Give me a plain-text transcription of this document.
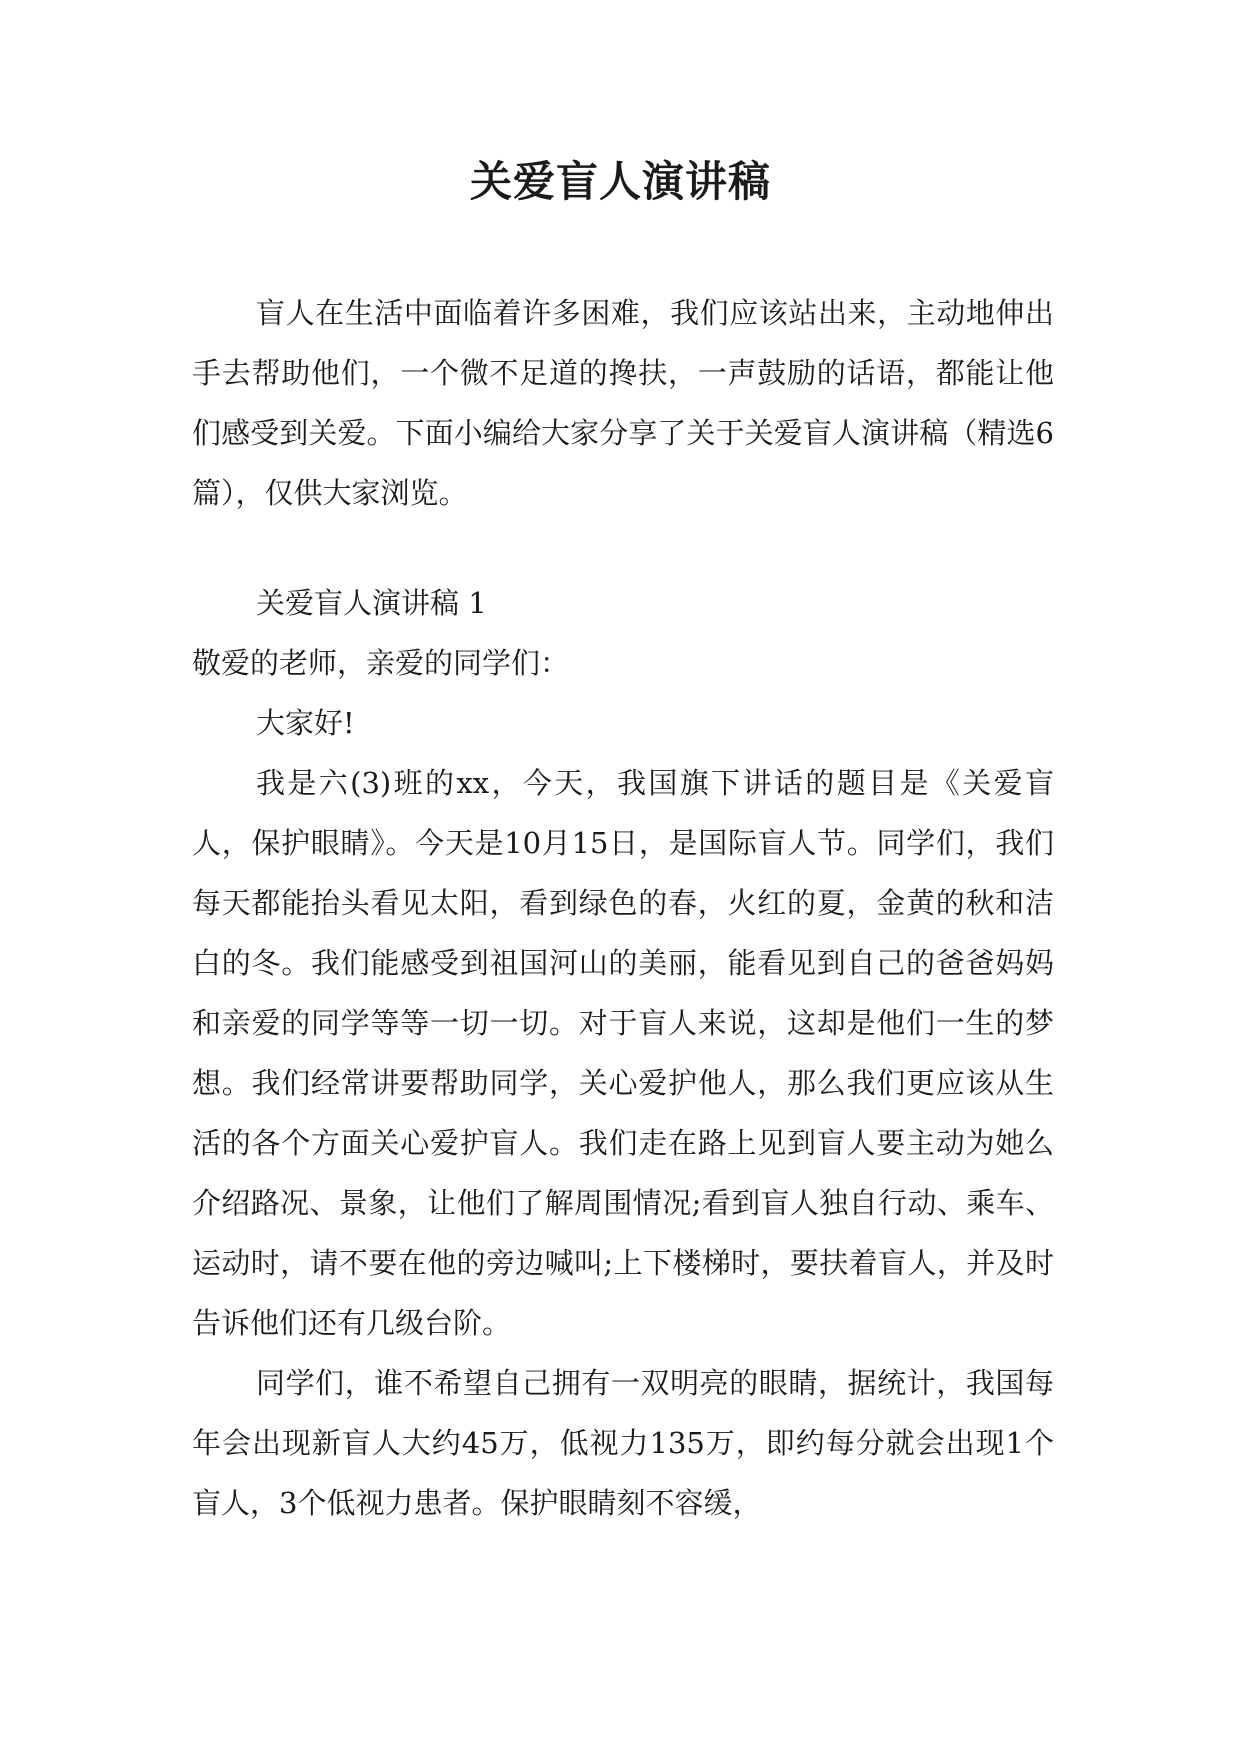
关爱盲人演讲稿

盲人在生活中面临着许多困难，我们应该站出来，主动地伸出手去帮助他们，一个微不足道的搀扶，一声鼓励的话语，都能让他们感受到关爱。下面小编给大家分享了关于关爱盲人演讲稿（精选6篇），仅供大家浏览。

关爱盲人演讲稿 1

敬爱的老师，亲爱的同学们：

大家好!

我是六(3)班的xx，今天，我国旗下讲话的题目是《关爱盲人，保护眼睛》。今天是10月15日，是国际盲人节。同学们，我们每天都能抬头看见太阳，看到绿色的春，火红的夏，金黄的秋和洁白的冬。我们能感受到祖国河山的美丽，能看见到自己的爸爸妈妈和亲爱的同学等等一切一切。对于盲人来说，这却是他们一生的梦想。我们经常讲要帮助同学，关心爱护他人，那么我们更应该从生活的各个方面关心爱护盲人。我们走在路上见到盲人要主动为她么介绍路况、景象，让他们了解周围情况;看到盲人独自行动、乘车、运动时，请不要在他的旁边喊叫;上下楼梯时，要扶着盲人，并及时告诉他们还有几级台阶。

同学们，谁不希望自己拥有一双明亮的眼睛，据统计，我国每年会出现新盲人大约45万，低视力135万，即约每分就会出现1个盲人，3个低视力患者。保护眼睛刻不容缓，
